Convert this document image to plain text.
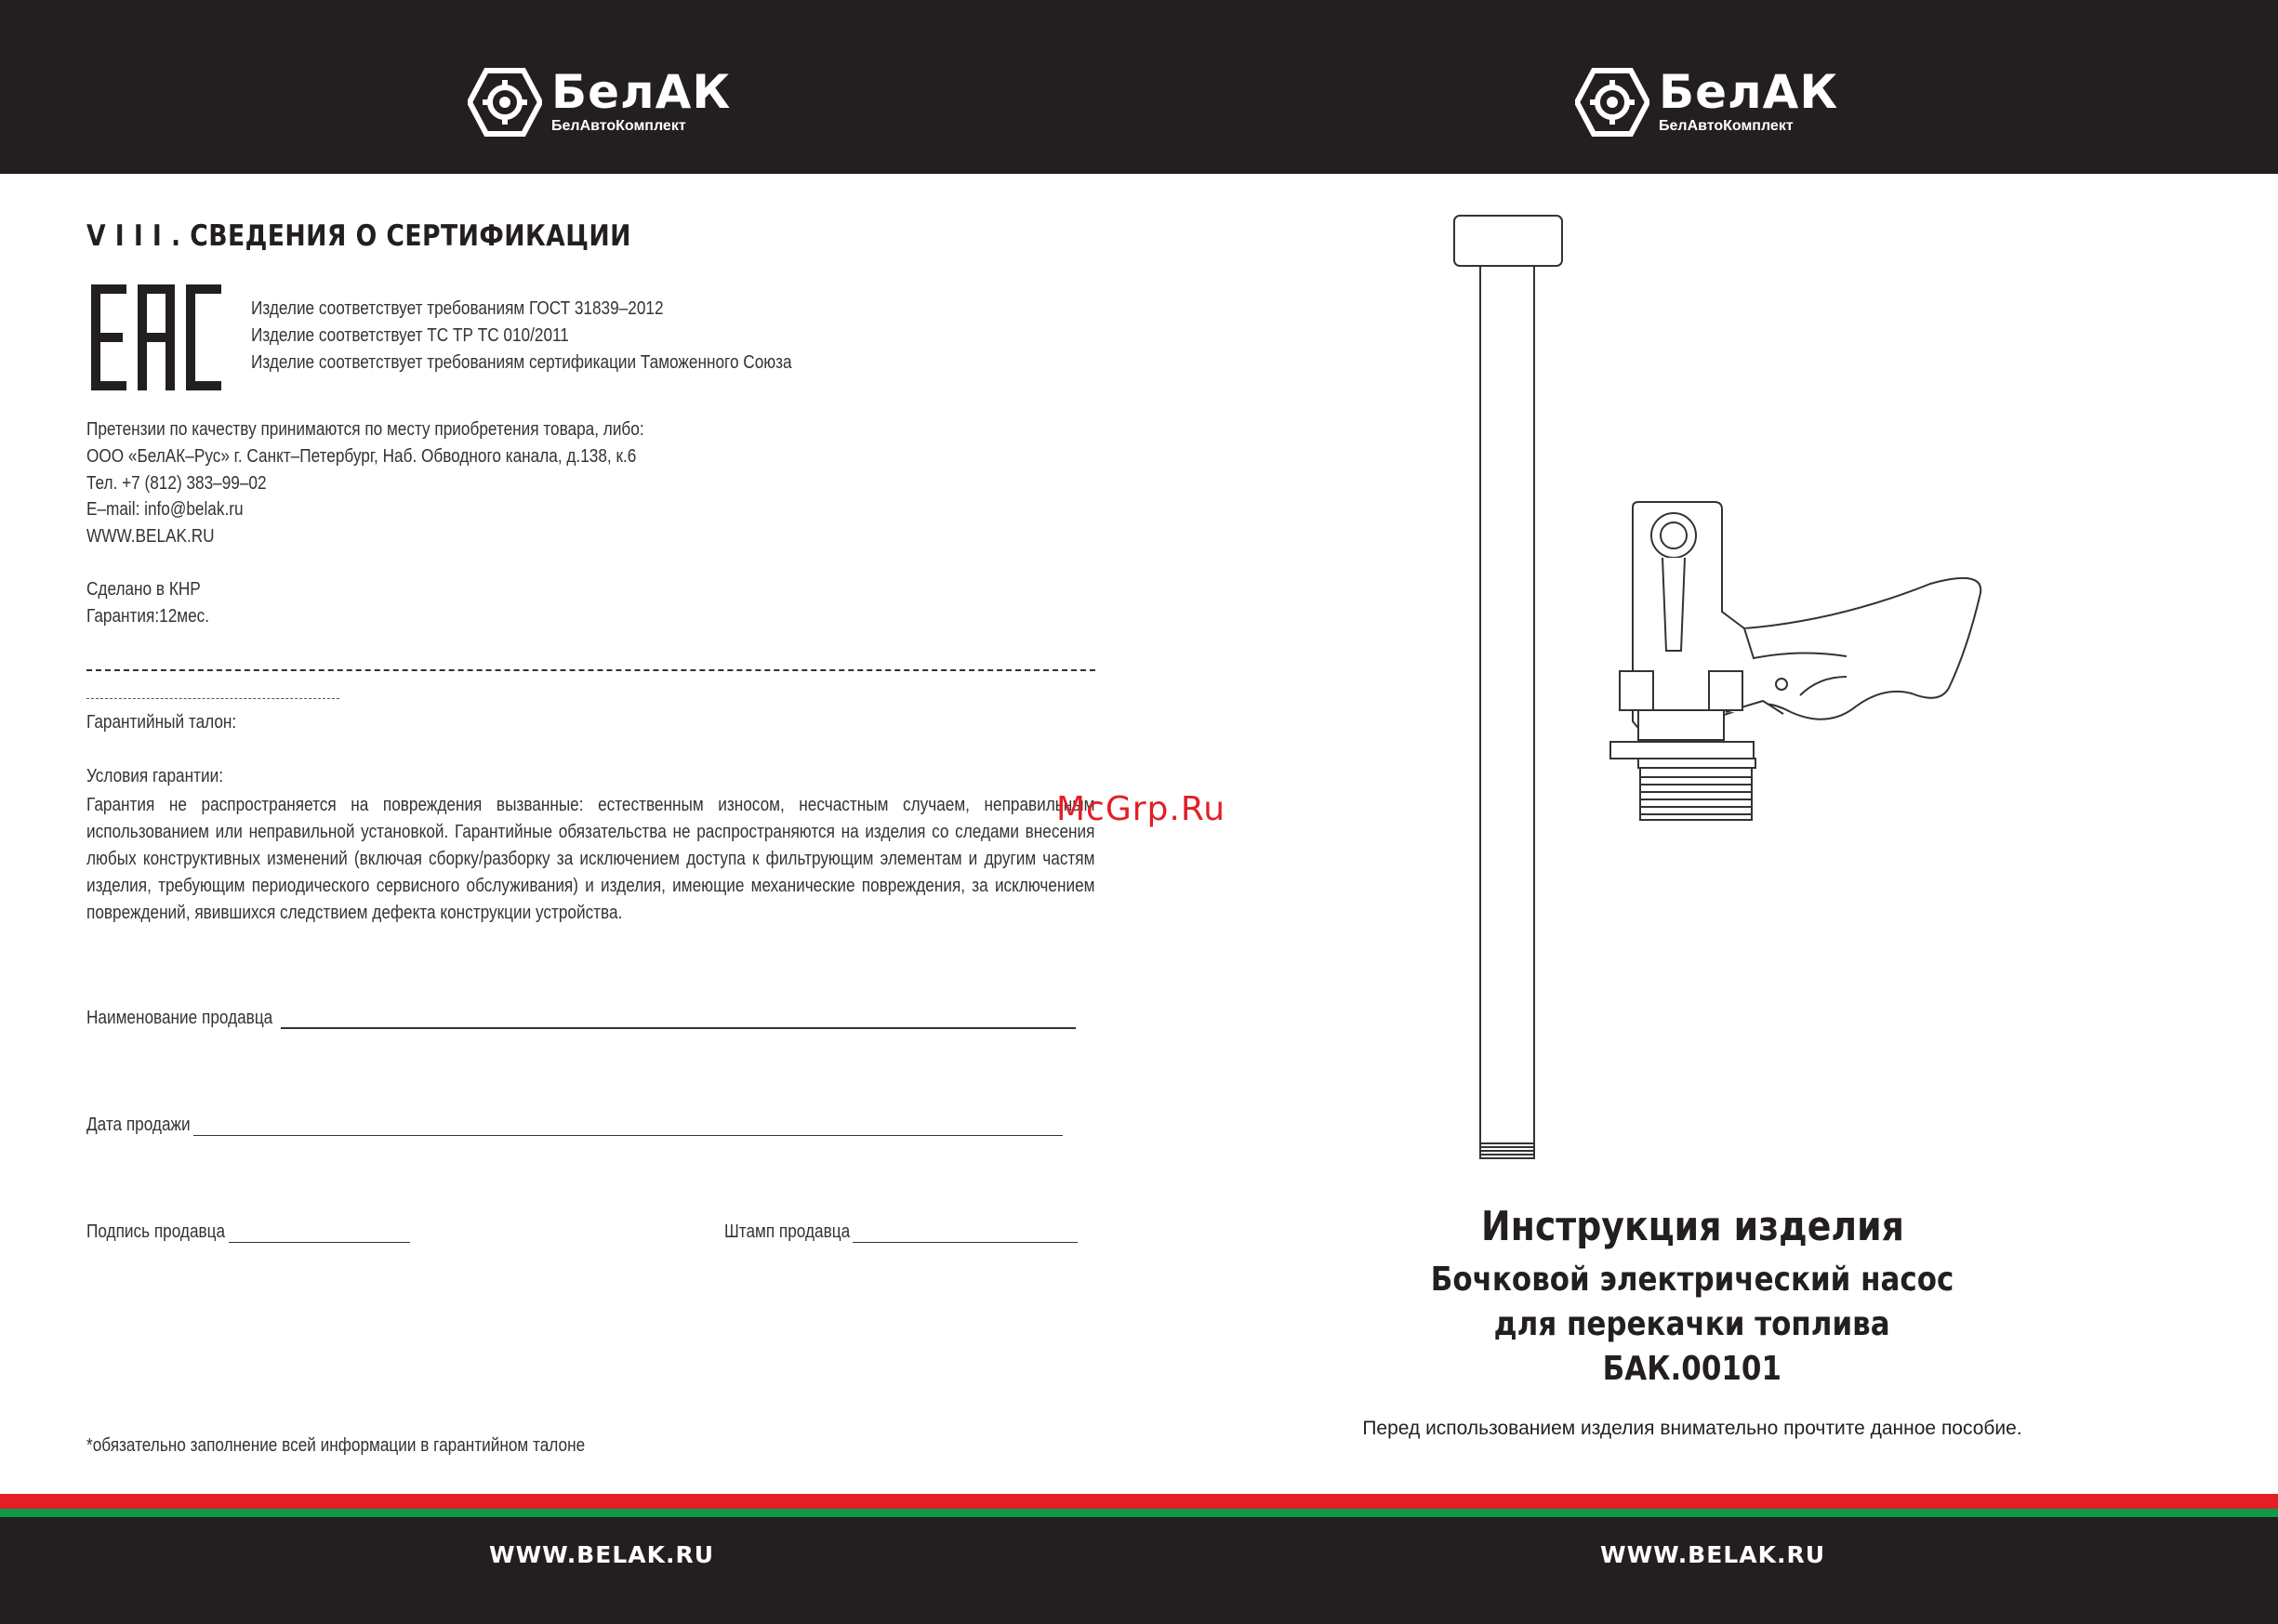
БелАК
БелАвтоКомплект
БелАК
БелАвтоКомплект
V I I I . СВЕДЕНИЯ О СЕРТИФИКАЦИИ
Изделие соответствует требованиям ГОСТ 31839–2012
Изделие соответствует ТС ТР ТС 010/2011
Изделие соответствует требованиям сертификации Таможенного Союза
Претензии по качеству принимаются по месту приобретения товара, либо:
ООО «БелАК–Рус» г. Санкт–Петербург, Наб. Обводного канала, д.138, к.6
Тел. +7 (812) 383–99–02
E–mail: info@belak.ru
WWW.BELAK.RU
Сделано в КНР
Гарантия:12мес.
Гарантийный талон:
Условия гарантии:
Гарантия не распространяется на повреждения вызванные: естественным износом, несчастным случаем, неправильным использованием или неправильной установкой. Гарантийные обязательства не распространяются на изделия со следами внесения любых конструктивных изменений (включая сборку/разборку за исключением доступа к фильтрующим элементам и другим частям изделия, требующим периодического сервисного обслуживания) и изделия, имеющие механические повреждения, за исключением повреждений, явившихся следствием дефекта конструкции устройства.
Наименование продавца
Дата продажи
Подпись продавца	Штамп продавца
*обязательно заполнение всей информации в гарантийном талоне
McGrp.Ru
Инструкция изделия
Бочковой электрический насос
для перекачки топлива
БАК.00101
Перед использованием изделия внимательно прочтите данное пособие.
WWW.BELAK.RU	WWW.BELAK.RU
